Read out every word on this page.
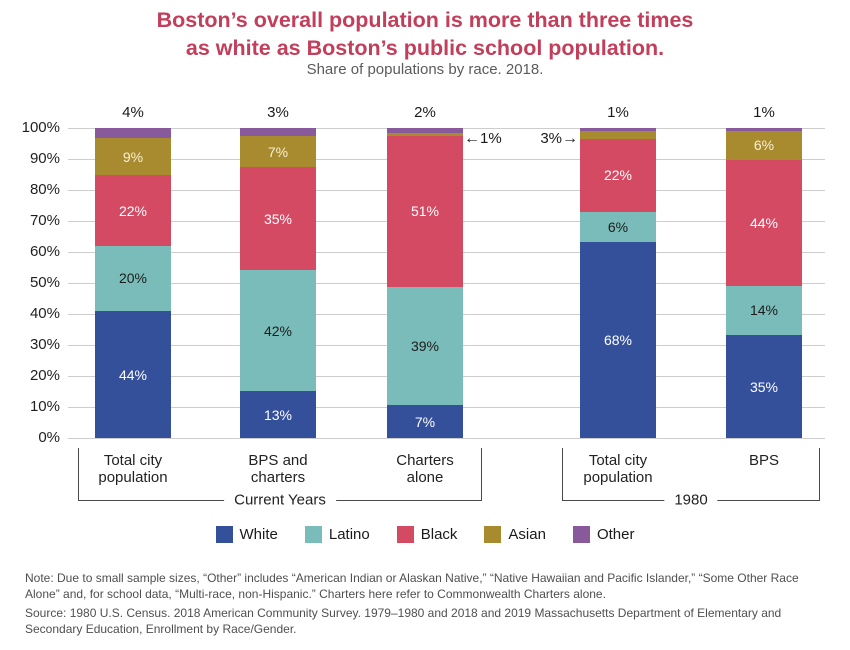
Boston’s overall population is more than three times
as white as Boston’s public school population.
Share of populations by race. 2018.
100%
90%
80%
70%
60%
50%
40%
30%
20%
10%
0%
9%
22%
20%
44%
4%
Total city
population
7%
35%
42%
13%
3%
BPS and
charters
51%
39%
7%
2%
Charters
alone
22%
6%
68%
1%
Total city
population
6%
44%
14%
35%
1%
BPS
←1%	3%→
Current Years	1980
White	Latino	Black	Asian	Other
Note: Due to small sample sizes, “Other” includes “American Indian or Alaskan Native,” “Native Hawaiian and Pacific Islander,” “Some Other Race Alone” and, for school data, “Multi-race, non-Hispanic.” Charters here refer to Commonwealth Charters alone.
Source: 1980 U.S. Census. 2018 American Community Survey. 1979–1980 and 2018 and 2019 Massachusetts Department of Elementary and Secondary Education, Enrollment by Race/Gender.
